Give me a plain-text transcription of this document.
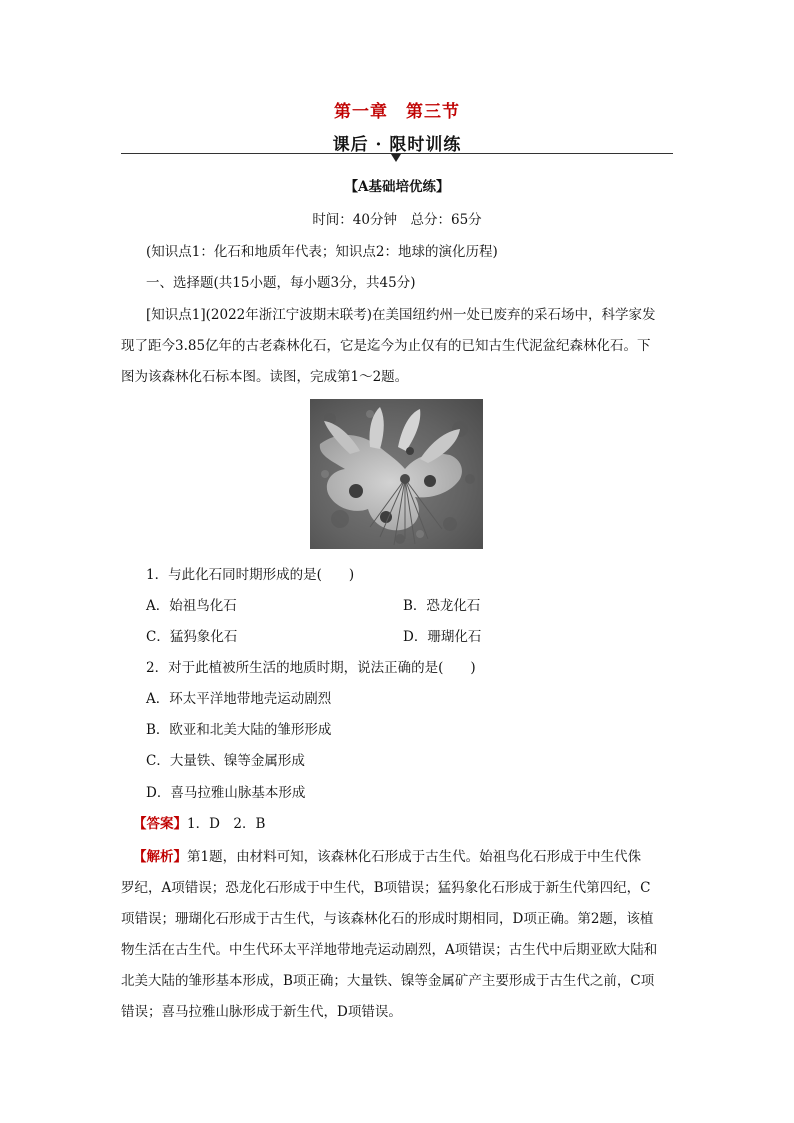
第一章　第三节
课后 · 限时训练
【A基础培优练】
时间：40分钟　总分：65分
(知识点1：化石和地质年代表；知识点2：地球的演化历程)
一、选择题(共15小题，每小题3分，共45分)
[知识点1](2022年浙江宁波期末联考)在美国纽约州一处已废弃的采石场中，科学家发
现了距今3.85亿年的古老森林化石，它是迄今为止仅有的已知古生代泥盆纪森林化石。下
图为该森林化石标本图。读图，完成第1～2题。
1．与此化石同时期形成的是(　　)
A．始祖鸟化石	B．恐龙化石
C．猛犸象化石	D．珊瑚化石
2．对于此植被所生活的地质时期，说法正确的是(　　)
A．环太平洋地带地壳运动剧烈
B．欧亚和北美大陆的雏形形成
C．大量铁、镍等金属形成
D．喜马拉雅山脉基本形成
【答案】1．D　2．B
【解析】第1题，由材料可知，该森林化石形成于古生代。始祖鸟化石形成于中生代侏
罗纪，A项错误；恐龙化石形成于中生代，B项错误；猛犸象化石形成于新生代第四纪，C
项错误；珊瑚化石形成于古生代，与该森林化石的形成时期相同，D项正确。第2题，该植
物生活在古生代。中生代环太平洋地带地壳运动剧烈，A项错误；古生代中后期亚欧大陆和
北美大陆的雏形基本形成，B项正确；大量铁、镍等金属矿产主要形成于古生代之前，C项
错误；喜马拉雅山脉形成于新生代，D项错误。
